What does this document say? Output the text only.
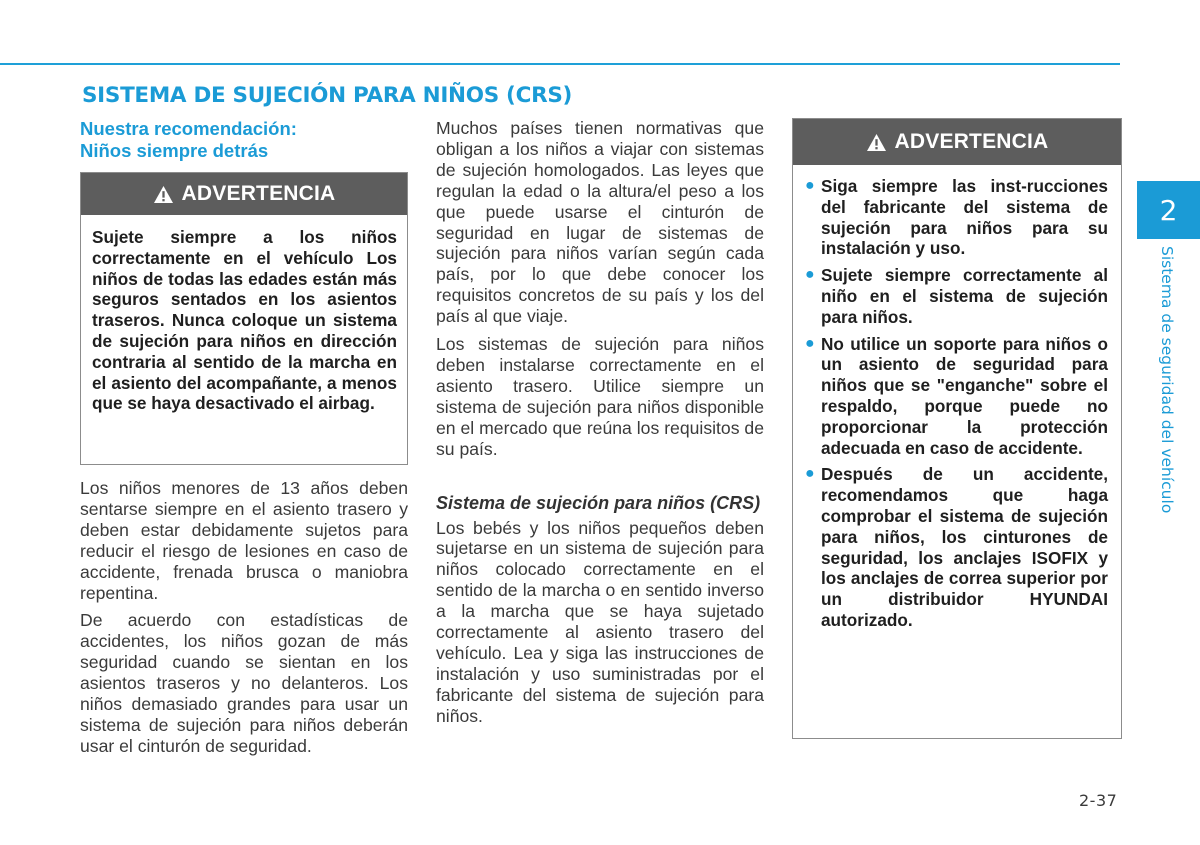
SISTEMA DE SUJECIÓN PARA NIÑOS (CRS)
2
Sistema de seguridad del vehículo
Nuestra recomendación:
Niños siempre detrás
ADVERTENCIA
Sujete siempre a los niños correctamente en el vehículo Los niños de todas las edades están más seguros sentados en los asientos traseros. Nunca coloque un sistema de sujeción para niños en dirección contraria al sentido de la marcha en el asiento del acompañante, a menos que se haya desactivado el airbag.

Los niños menores de 13 años deben sentarse siempre en el asiento trasero y deben estar debidamente sujetos para reducir el riesgo de lesiones en caso de accidente, frenada brusca o maniobra repentina.

De acuerdo con estadísticas de accidentes, los niños gozan de más seguridad cuando se sientan en los asientos traseros y no delanteros. Los niños demasiado grandes para usar un sistema de sujeción para niños deberán usar el cinturón de seguridad.

Muchos países tienen normativas que obligan a los niños a viajar con sistemas de sujeción homologados. Las leyes que regulan la edad o la altura/el peso a los que puede usarse el cinturón de seguridad en lugar de sistemas de sujeción para niños varían según cada país, por lo que debe conocer los requisitos concretos de su país y los del país al que viaje.

Los sistemas de sujeción para niños deben instalarse correctamente en el asiento trasero. Utilice siempre un sistema de sujeción para niños disponible en el mercado que reúna los requisitos de su país.

Sistema de sujeción para niños (CRS)

Los bebés y los niños pequeños deben sujetarse en un sistema de sujeción para niños colocado correctamente en el sentido de la marcha o en sentido inverso a la marcha que se haya sujetado correctamente al asiento trasero del vehículo. Lea y siga las instrucciones de instalación y uso suministradas por el fabricante del sistema de sujeción para niños.

ADVERTENCIA
● Siga siempre las inst-rucciones del fabricante del sistema de sujeción para niños para su instalación y uso.
● Sujete siempre correctamente al niño en el sistema de sujeción para niños.
● No utilice un soporte para niños o un asiento de seguridad para niños que se "enganche" sobre el respaldo, porque puede no proporcionar la protección adecuada en caso de accidente.
● Después de un accidente, recomendamos que haga comprobar el sistema de sujeción para niños, los cinturones de seguridad, los anclajes ISOFIX y los anclajes de correa superior por un distribuidor HYUNDAI autorizado.
2-37
